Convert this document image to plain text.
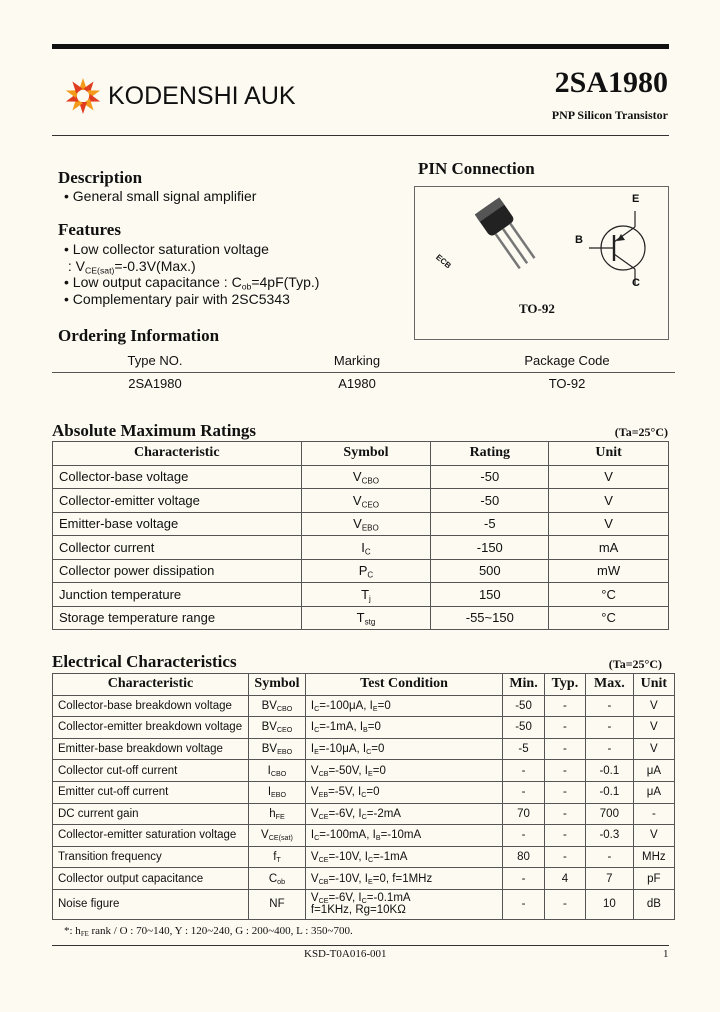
KODENSHI AUK	2SA1980
PNP Silicon Transistor
Description
• General small signal amplifier
Features
• Low collector saturation voltage
: $V_{CE(sat)}=-0.3V(Max.)$
• Low output capacitance : $C_{ob}=4pF(Typ.)$
• Complementary pair with 2SC5343
PIN Connection
ECB
E
B
C
TO-92
Ordering Information
Type NO.	Marking	Package Code
2SA1980	A1980	TO-92
Absolute Maximum Ratings	(Ta=25°C)
Characteristic	Symbol	Rating	Unit
Collector-base voltage	$V_{CBO}$	-50	V
Collector-emitter voltage	$V_{CEO}$	-50	V
Emitter-base voltage	$V_{EBO}$	-5	V
Collector current	$I_C$	-150	mA
Collector power dissipation	$P_C$	500	mW
Junction temperature	$T_j$	150	°C
Storage temperature range	$T_{stg}$	-55~150	°C
Electrical Characteristics	(Ta=25°C)
Characteristic	Symbol	Test Condition	Min.	Typ.	Max.	Unit
Collector-base breakdown voltage	$BV_{CBO}$	$I_C=-100\mu A$, $I_E=0$	-50	-	-	V
Collector-emitter breakdown voltage	$BV_{CEO}$	$I_C=-1mA$, $I_B=0$	-50	-	-	V
Emitter-base breakdown voltage	$BV_{EBO}$	$I_E=-10\mu A$, $I_C=0$	-5	-	-	V
Collector cut-off current	$I_{CBO}$	$V_{CB}=-50V$, $I_E=0$	-	-	-0.1	μA
Emitter cut-off current	$I_{EBO}$	$V_{EB}=-5V$, $I_C=0$	-	-	-0.1	μA
DC current gain	$h_{FE}$	$V_{CE}=-6V$, $I_C=-2mA$	70	-	700	-
Collector-emitter saturation voltage	$V_{CE(sat)}$	$I_C=-100mA$, $I_B=-10mA$	-	-	-0.3	V
Transition frequency	$f_T$	$V_{CE}=-10V$, $I_C=-1mA$	80	-	-	MHz
Collector output capacitance	$C_{ob}$	$V_{CB}=-10V$, $I_E=0$, f=1MHz	-	4	7	pF
Noise figure	NF	$V_{CE}=-6V$, $I_C=-0.1mA$
f=1KHz, Rg=10KΩ	-	-	10	dB
*: $h_{FE}$ rank / O : 70~140, Y : 120~240, G : 200~400, L : 350~700.
KSD-T0A016-001	1
